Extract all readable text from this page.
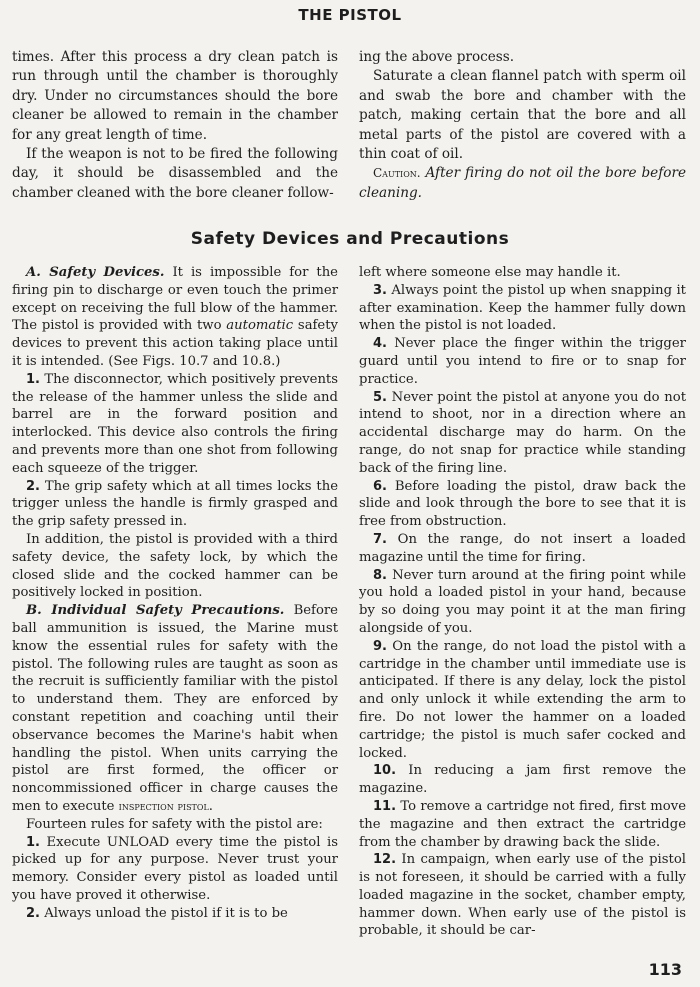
THE PISTOL

times. After this process a dry clean patch is run through until the chamber is thoroughly dry. Under no circumstances should the bore cleaner be allowed to remain in the chamber for any great length of time.

If the weapon is not to be fired the following day, it should be disassembled and the chamber cleaned with the bore cleaner follow-

ing the above process.

Saturate a clean flannel patch with sperm oil and swab the bore and chamber with the patch, making certain that the bore and all metal parts of the pistol are covered with a thin coat of oil.

Caution. After firing do not oil the bore before cleaning.

Safety Devices and Precautions

A. Safety Devices. It is impossible for the firing pin to discharge or even touch the primer except on receiving the full blow of the hammer. The pistol is provided with two automatic safety devices to prevent this action taking place until it is intended. (See Figs. 10.7 and 10.8.)

1. The disconnector, which positively prevents the release of the hammer unless the slide and barrel are in the forward position and interlocked. This device also controls the firing and prevents more than one shot from following each squeeze of the trigger.

2. The grip safety which at all times locks the trigger unless the handle is firmly grasped and the grip safety pressed in.

In addition, the pistol is provided with a third safety device, the safety lock, by which the closed slide and the cocked hammer can be positively locked in position.

B. Individual Safety Precautions. Before ball ammunition is issued, the Marine must know the essential rules for safety with the pistol. The following rules are taught as soon as the recruit is sufficiently familiar with the pistol to understand them. They are enforced by constant repetition and coaching until their observance becomes the Marine's habit when handling the pistol. When units carrying the pistol are first formed, the officer or noncommissioned officer in charge causes the men to execute inspection pistol.

Fourteen rules for safety with the pistol are:

1. Execute UNLOAD every time the pistol is picked up for any purpose. Never trust your memory. Consider every pistol as loaded until you have proved it otherwise.

2. Always unload the pistol if it is to be

left where someone else may handle it.

3. Always point the pistol up when snapping it after examination. Keep the hammer fully down when the pistol is not loaded.

4. Never place the finger within the trigger guard until you intend to fire or to snap for practice.

5. Never point the pistol at anyone you do not intend to shoot, nor in a direction where an accidental discharge may do harm. On the range, do not snap for practice while standing back of the firing line.

6. Before loading the pistol, draw back the slide and look through the bore to see that it is free from obstruction.

7. On the range, do not insert a loaded magazine until the time for firing.

8. Never turn around at the firing point while you hold a loaded pistol in your hand, because by so doing you may point it at the man firing alongside of you.

9. On the range, do not load the pistol with a cartridge in the chamber until immediate use is anticipated. If there is any delay, lock the pistol and only unlock it while extending the arm to fire. Do not lower the hammer on a loaded cartridge; the pistol is much safer cocked and locked.

10. In reducing a jam first remove the magazine.

11. To remove a cartridge not fired, first move the magazine and then extract the cartridge from the chamber by drawing back the slide.

12. In campaign, when early use of the pistol is not foreseen, it should be carried with a fully loaded magazine in the socket, chamber empty, hammer down. When early use of the pistol is probable, it should be car-

113
